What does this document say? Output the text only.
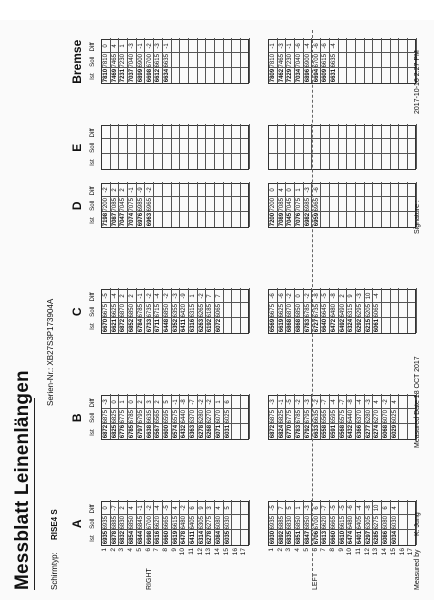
Messblatt Leinenlängen Schirmtyp:
RISE4 S
Serien-Nr.: XB27S3P173904A
RIGHT	LEFT
1 2 3 4 5 6 7 8 9 10 11 12 13 14 15 16 17	1 2 3 4 5 6 7 8 9 10 11 12 13 14 15 16 17
A
Ist
Soll
Diff
6935
6935
0
6878
6885
-7
6832
6830
2
6854
6850
4
6844
6845
-1
6698
6700
-2
6616
6620
-4
6660
6665
-5
6619
6615
4
6478
6480
-2
6411
6405
6
6314
6305
9
6278
6275
3
6084
6080
4
6035
6030
5
6930
6935
-5
6892
6885
7
6835
6830
5
6851
6850
1
6847
6850
-3
6706
6700
6
6613
6620
-7
6660
6665
-5
6610
6615
-5
6474
6480
-6
6401
6405
-4
6297
6305
-8
6285
6275
10
6086
6080
6
6034
6030
4
B
Ist
Soll
Diff
6872
6875
-3
6825
6825
0
6776
6775
1
6785
6785
0
6797
6795
2
6638
6635
3
6567
6565
2
6600
6595
5
6574
6575
-1
6432
6440
-8
6363
6370
-7
6278
6280
-2
6268
6270
-2
6071
6070
1
6031
6025
6
6872
6875
-3
6824
6825
-1
6770
6775
-5
6783
6785
-2
6792
6795
-3
6633
6635
-2
6558
6565
-7
6591
6595
-4
6568
6575
-7
6432
6440
-8
6366
6370
-4
6277
6280
-3
6274
6270
4
6068
6070
-2
6029
6025
4
C
Ist
Soll
Diff
6670
6675
-5
6621
6625
-4
6872
6870
2
6852
6850
2
6784
6785
-1
6733
6735
-2
6711
6715
-4
6448
6850
-2
6352
6355
-3
6411
6420
-9
6316
6315
1
6263
6265
-2
6192
6185
7
6072
6065
7
6569
6675
-6
6619
6625
-6
6868
6870
-2
6868
6850
0
6783
6785
-2
6727
6735
-8
6640
6645
-5
6472
6480
-8
6492
6490
2
6324
6315
9
6292
6295
-3
6215
6205
10
6061
6065
-4
D
Ist
Soll
Diff
7198
7200
-2
7087
7085
2
7047
7045
2
7074
7075
-1
6976
6985
-9
6963
6965
-2
7200
7200
0
7089
7085
4
7045
7045
0
7076
7075
1
6982
6985
-3
6959
6965
-6
E
Ist
Soll
Diff
Bremse Ist
Soll
Diff
7810
7810
0
7469
7465
4
7231
7230
1
7037
7040
-3
6899
6900
-1
6698
6700
-2
6612
6615
-3
6634
6635
-1
7809
7810
-1
7462
7465
-3
7229
7230
-1
7034
7040
-6
6896
6900
-4
6694
6700
-6
6609
6615
-6
6631
6635
-4
Measured by
K. Jung
Measured Date 18 OCT 2017
Signature :
2017-10-16 2:27 PM
